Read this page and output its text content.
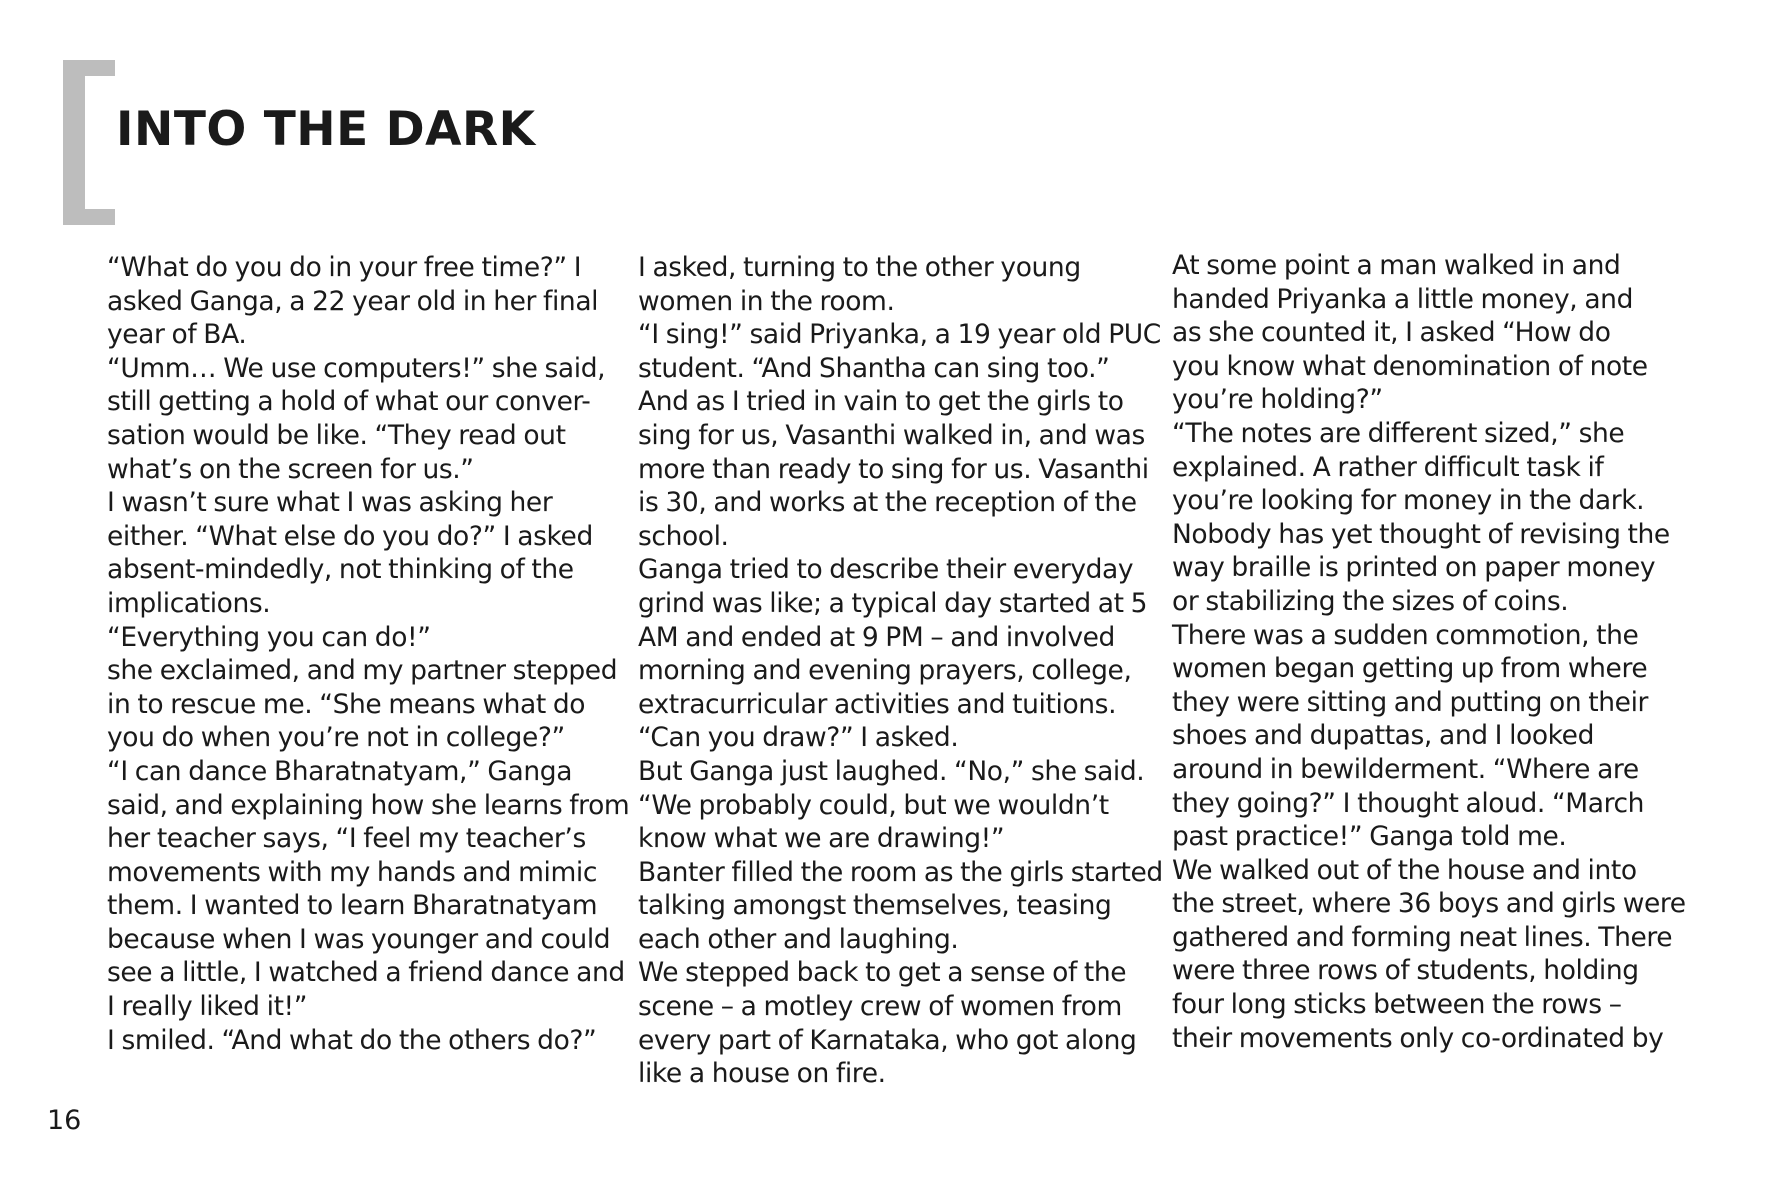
INTO THE DARK
“What do you do in your free time?” I
asked Ganga, a 22 year old in her final
year of BA.
“Umm… We use computers!” she said,
still getting a hold of what our conver-
sation would be like. “They read out
what’s on the screen for us.”
I wasn’t sure what I was asking her
either. “What else do you do?” I asked
absent-mindedly, not thinking of the
implications.
“Everything you can do!”
she exclaimed, and my partner stepped
in to rescue me. “She means what do
you do when you’re not in college?”
“I can dance Bharatnatyam,” Ganga
said, and explaining how she learns from
her teacher says, “I feel my teacher’s
movements with my hands and mimic
them. I wanted to learn Bharatnatyam
because when I was younger and could
see a little, I watched a friend dance and
I really liked it!”
I smiled. “And what do the others do?”
I asked, turning to the other young
women in the room.
“I sing!” said Priyanka, a 19 year old PUC
student. “And Shantha can sing too.”
And as I tried in vain to get the girls to
sing for us, Vasanthi walked in, and was
more than ready to sing for us. Vasanthi
is 30, and works at the reception of the
school.
Ganga tried to describe their everyday
grind was like; a typical day started at 5
AM and ended at 9 PM – and involved
morning and evening prayers, college,
extracurricular activities and tuitions.
“Can you draw?” I asked.
But Ganga just laughed. “No,” she said.
“We probably could, but we wouldn’t
know what we are drawing!”
Banter filled the room as the girls started
talking amongst themselves, teasing
each other and laughing.
We stepped back to get a sense of the
scene – a motley crew of women from
every part of Karnataka, who got along
like a house on fire.
At some point a man walked in and
handed Priyanka a little money, and
as she counted it, I asked “How do
you know what denomination of note
you’re holding?”
“The notes are different sized,” she
explained. A rather difficult task if
you’re looking for money in the dark.
Nobody has yet thought of revising the
way braille is printed on paper money
or stabilizing the sizes of coins.
There was a sudden commotion, the
women began getting up from where
they were sitting and putting on their
shoes and dupattas, and I looked
around in bewilderment. “Where are
they going?” I thought aloud. “March
past practice!” Ganga told me.
We walked out of the house and into
the street, where 36 boys and girls were
gathered and forming neat lines. There
were three rows of students, holding
four long sticks between the rows –
their movements only co-ordinated by
16
